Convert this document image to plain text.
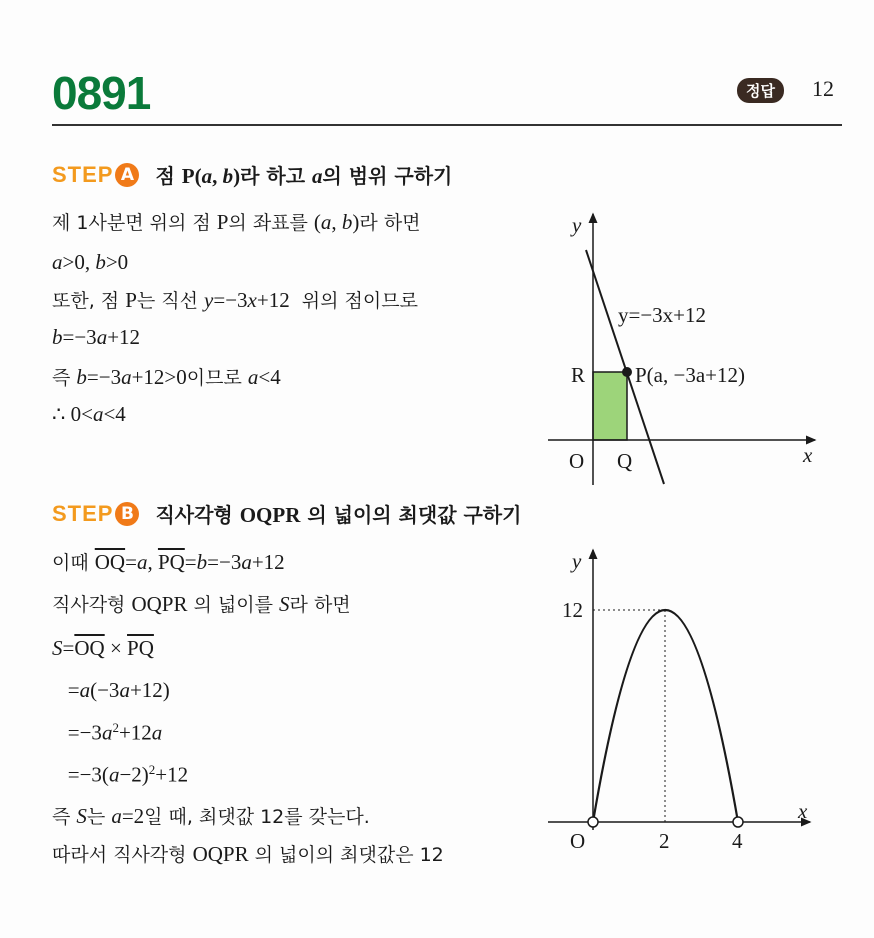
0891	정답	12
STEP A 점 P(a, b)라 하고 a의 범위 구하기
제 1사분면 위의 점 P의 좌표를 (a, b)라 하면
a>0, b>0
또한, 점 P는 직선 y=−3x+12  위의 점이므로
b=−3a+12
즉 b=−3a+12>0이므로 a<4
∴ 0<a<4
STEP B 직사각형 OQPR 의 넓이의 최댓값 구하기
이때 $\overline{OQ}=a$, $\overline{PQ}=b=-3a+12$
직사각형 OQPR 의 넓이를 S라 하면
$S=\overline{OQ} \times \overline{PQ}$
=a(−3a+12)
$=-3a^2+12a$
$=-3(a-2)^2+12$
즉 S는 a=2일 때, 최댓값 12를 갖는다.
따라서 직사각형 OQPR 의 넓이의 최댓값은 12
y
x
O Q
R P(a, −3a+12)
y=−3x+12
y
x
O	2	4
12
